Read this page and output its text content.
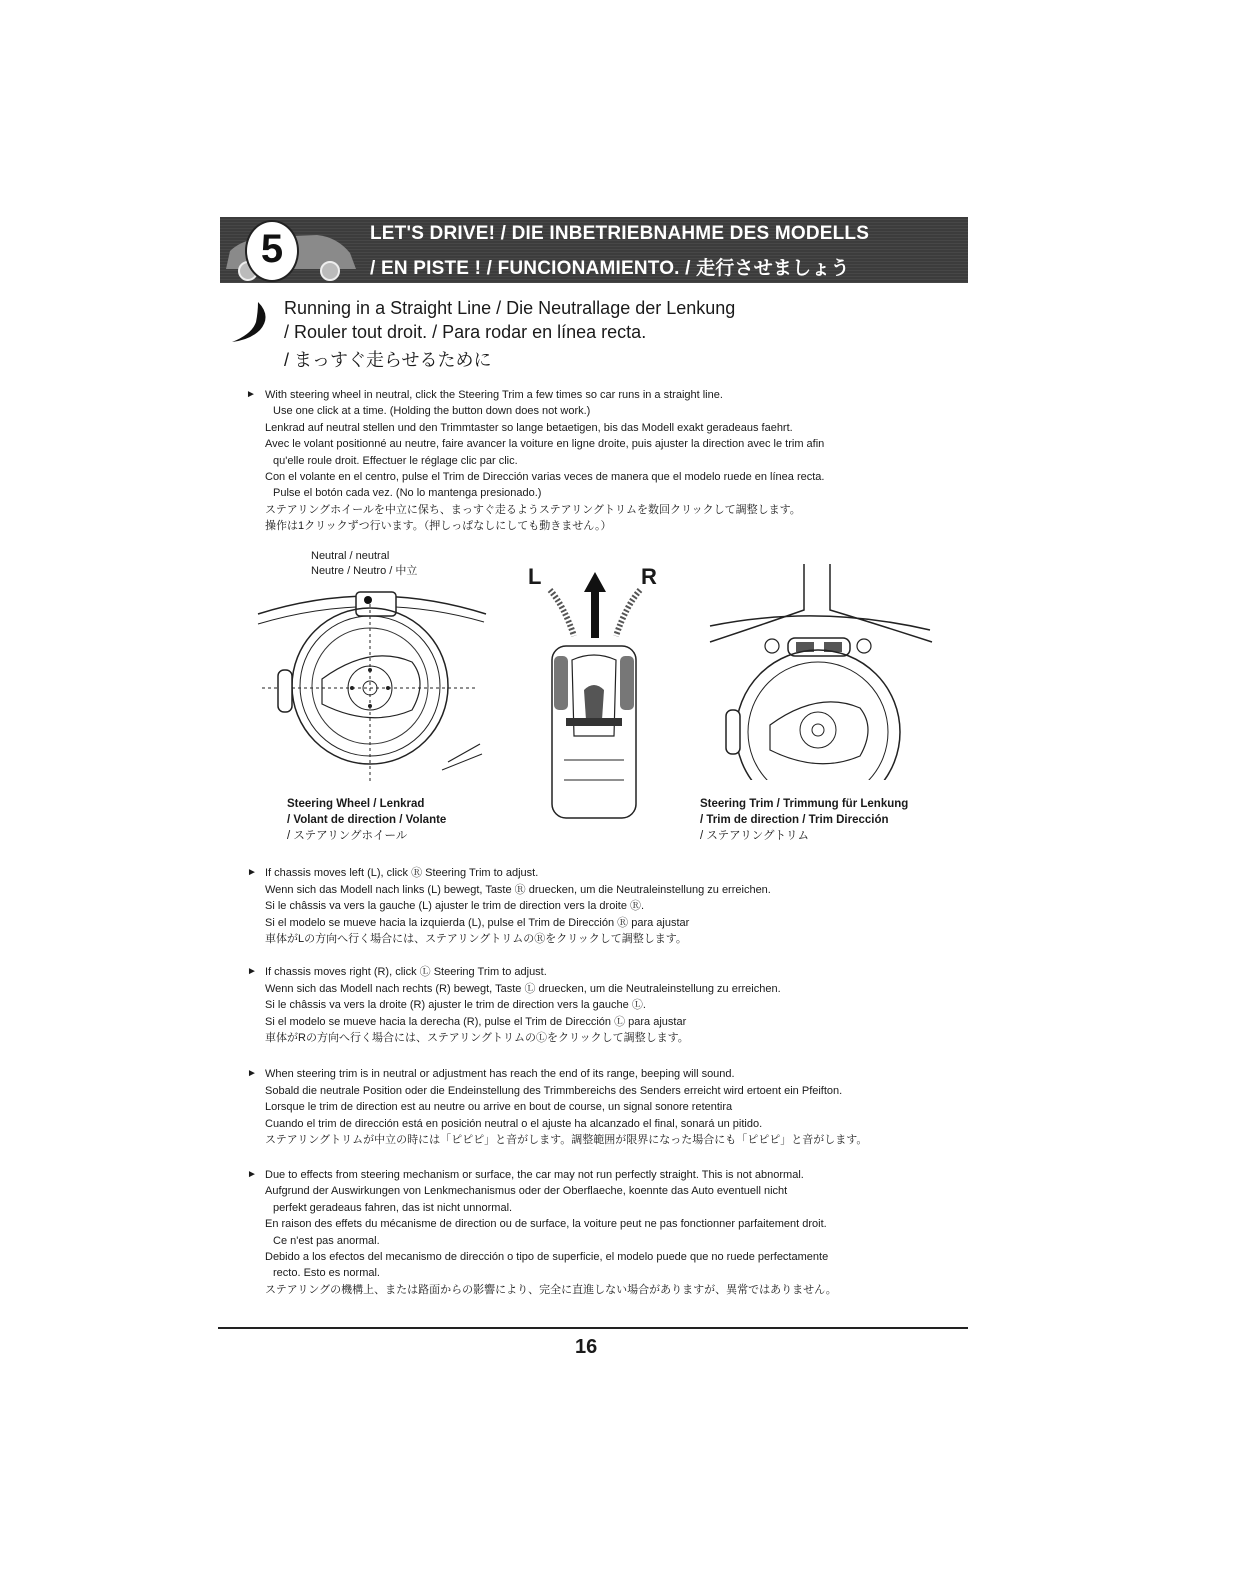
LET'S DRIVE! / DIE INBETRIEBNAHME DES MODELLS
/ EN PISTE ! / FUNCIONAMIENTO. / 走行させましょう
5
Running in a Straight Line / Die Neutrallage der Lenkung
/ Rouler tout droit. / Para rodar en línea recta.
/ まっすぐ走らせるために
► With steering wheel in neutral, click the Steering Trim a few times so car runs in a straight line.
Use one click at a time. (Holding the button down does not work.)
Lenkrad auf neutral stellen und den Trimmtaster so lange betaetigen, bis das Modell exakt geradeaus faehrt.
Avec le volant positionné au neutre, faire avancer la voiture en ligne droite, puis ajuster la direction avec le trim afin
qu'elle roule droit. Effectuer le réglage clic par clic.
Con el volante en el centro, pulse el Trim de Dirección varias veces de manera que el modelo ruede en línea recta.
Pulse el botón cada vez. (No lo mantenga presionado.)
ステアリングホイールを中立に保ち、まっすぐ走るようステアリングトリムを数回クリックして調整します。
操作は1クリックずつ行います。（押しっぱなしにしても動きません。）
Neutral / neutral
Neutre / Neutro / 中立	L	R
Steering Wheel / Lenkrad
/ Volant de direction / Volante
/ ステアリングホイール
Steering Trim / Trimmung für Lenkung
/ Trim de direction / Trim Dirección
/ ステアリングトリム
► If chassis moves left (L), click Ⓡ Steering Trim to adjust.
Wenn sich das Modell nach links (L) bewegt, Taste Ⓡ druecken, um die Neutraleinstellung zu erreichen.
Si le châssis va vers la gauche (L) ajuster le trim de direction vers la droite Ⓡ.
Si el modelo se mueve hacia la izquierda (L), pulse el Trim de Dirección Ⓡ para ajustar
車体がLの方向へ行く場合には、ステアリングトリムのⓇをクリックして調整します。
► If chassis moves right (R), click Ⓛ Steering Trim to adjust.
Wenn sich das Modell nach rechts (R) bewegt, Taste Ⓛ druecken, um die Neutraleinstellung zu erreichen.
Si le châssis va vers la droite (R) ajuster le trim de direction vers la gauche Ⓛ.
Si el modelo se mueve hacia la derecha (R), pulse el Trim de Dirección Ⓛ para ajustar
車体がRの方向へ行く場合には、ステアリングトリムのⓁをクリックして調整します。
► When steering trim is in neutral or adjustment has reach the end of its range, beeping will sound.
Sobald die neutrale Position oder die Endeinstellung des Trimmbereichs des Senders erreicht wird ertoent ein Pfeifton.
Lorsque le trim de direction est au neutre ou arrive en bout de course, un signal sonore retentira
Cuando el trim de dirección está en posición neutral o el ajuste ha alcanzado el final, sonará un pitido.
ステアリングトリムが中立の時には「ピピピ」と音がします。調整範囲が限界になった場合にも「ピピピ」と音がします。
► Due to effects from steering mechanism or surface, the car may not run perfectly straight. This is not abnormal.
Aufgrund der Auswirkungen von Lenkmechanismus oder der Oberflaeche, koennte das Auto eventuell nicht
perfekt geradeaus fahren, das ist nicht unnormal.
En raison des effets du mécanisme de direction ou de surface, la voiture peut ne pas fonctionner parfaitement droit.
Ce n'est pas anormal.
Debido a los efectos del mecanismo de dirección o tipo de superficie, el modelo puede que no ruede perfectamente
recto. Esto es normal.
ステアリングの機構上、または路面からの影響により、完全に直進しない場合がありますが、異常ではありません。
16
